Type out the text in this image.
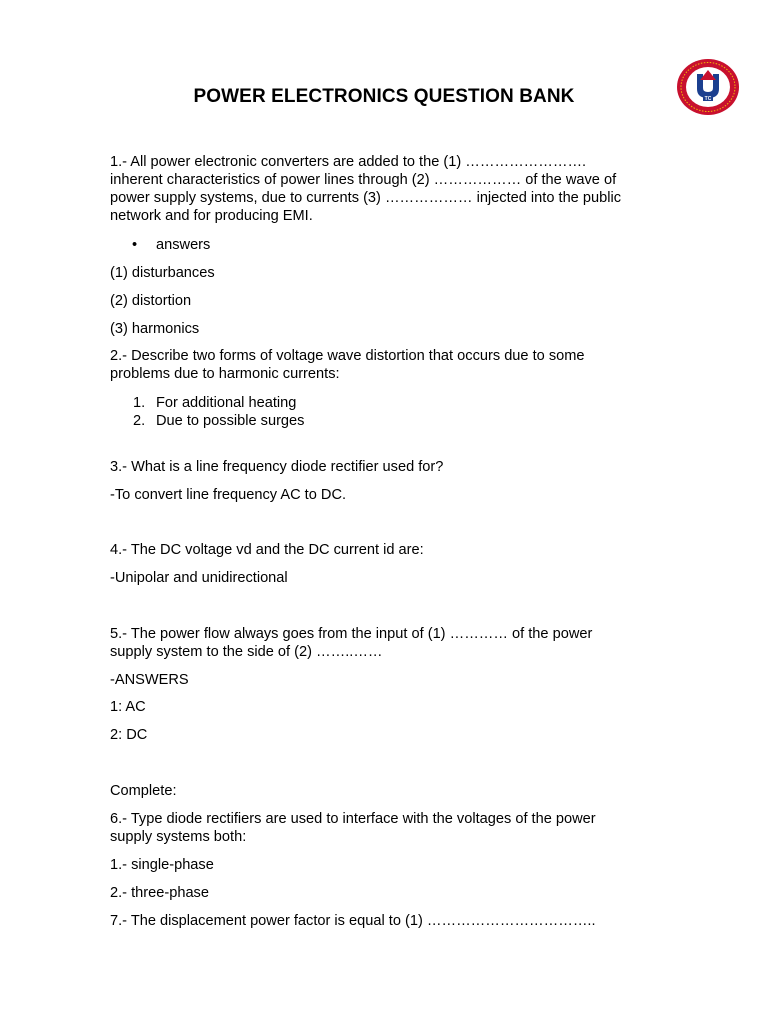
TC
POWER ELECTRONICS QUESTION BANK
1.- All power electronic converters are added to the (1) …………………….
inherent characteristics of power lines through (2) ……………… of the wave of
power supply systems, due to currents (3) ……………… injected into the public
network and for producing EMI.
• answers
(1) disturbances
(2) distortion
(3) harmonics
2.- Describe two forms of voltage wave distortion that occurs due to some
problems due to harmonic currents:
1. For additional heating
2. Due to possible surges
3.- What is a line frequency diode rectifier used for?
-To convert line frequency AC to DC.
4.- The DC voltage vd and the DC current id are:
-Unipolar and unidirectional
5.- The power flow always goes from the input of (1) ………… of the power
supply system to the side of (2) ……..……
-ANSWERS
1: AC
2: DC
Complete:
6.- Type diode rectifiers are used to interface with the voltages of the power
supply systems both:
1.- single-phase
2.- three-phase
7.- The displacement power factor is equal to (1) ……………………………..
